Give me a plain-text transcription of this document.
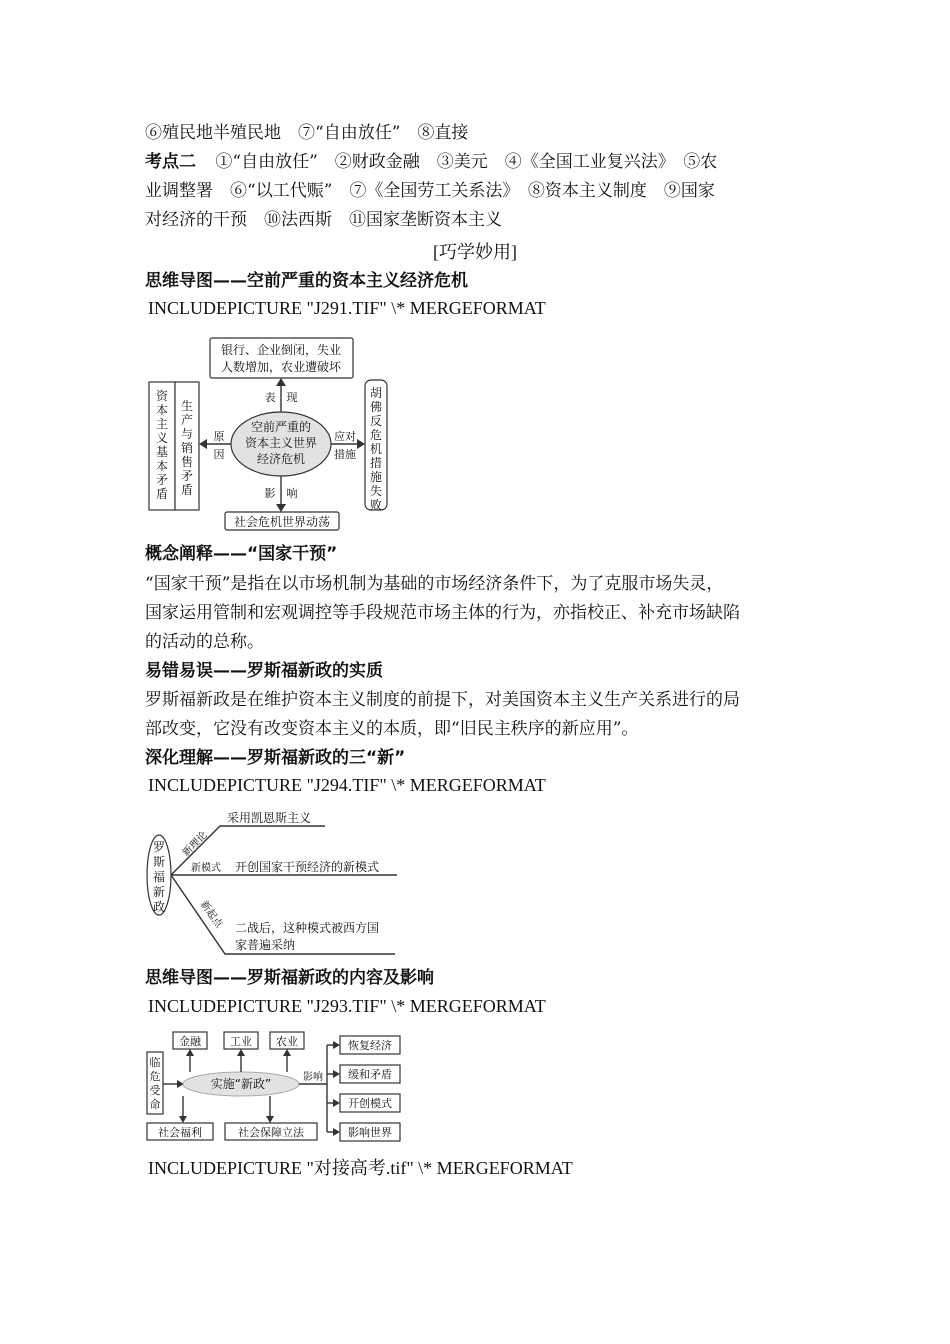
⑥殖民地半殖民地　⑦“自由放任”　⑧直接
考点二 ①“自由放任”　②财政金融　③美元　④《全国工业复兴法》　⑤农
业调整署　⑥“以工代赈”　⑦《全国劳工关系法》　⑧资本主义制度　⑨国家
对经济的干预　⑩法西斯　⑪国家垄断资本主义
[巧学妙用]
思维导图——空前严重的资本主义经济危机
INCLUDEPICTURE "J291.TIF" \* MERGEFORMAT
银行、企业倒闭，失业
人数增加，农业遭破坏
空前严重的
资本主义世界
经济危机
表　现
影　响
原
因
应对
措施
资
本
主
义
基
本
矛
盾
生
产
与
销
售
矛
盾
胡
佛
反
危
机
措
施
失
败
社会危机世界动荡
概念阐释——“国家干预”
“国家干预”是指在以市场机制为基础的市场经济条件下，为了克服市场失灵，
国家运用管制和宏观调控等手段规范市场主体的行为，亦指校正、补充市场缺陷
的活动的总称。
易错易误——罗斯福新政的实质
罗斯福新政是在维护资本主义制度的前提下，对美国资本主义生产关系进行的局
部改变，它没有改变资本主义的本质，即“旧民主秩序的新应用”。
深化理解——罗斯福新政的三“新”
INCLUDEPICTURE "J294.TIF" \* MERGEFORMAT
罗
斯
福
新
政
新理论
采用凯恩斯主义
新模式 开创国家干预经济的新模式
新起点 二战后，这种模式被西方国
家普遍采纳
思维导图——罗斯福新政的内容及影响
INCLUDEPICTURE "J293.TIF" \* MERGEFORMAT
临
危
受
命
实施“新政”
金融	工业 农业
社会福利	社会保障立法
影响
恢复经济
缓和矛盾
开创模式
影响世界
INCLUDEPICTURE "对接高考.tif" \* MERGEFORMAT
